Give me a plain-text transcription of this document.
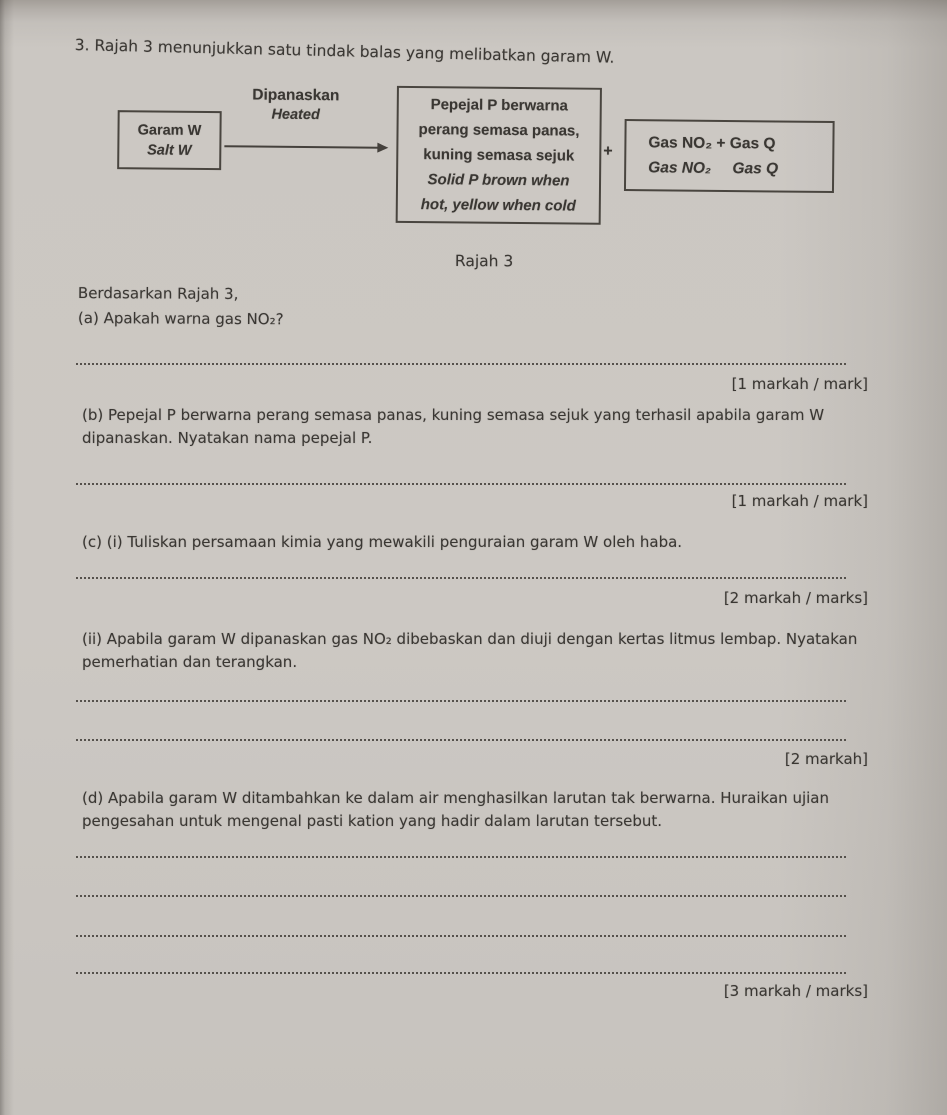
3. Rajah 3 menunjukkan satu tindak balas yang melibatkan garam W.
Garam W
Salt W
Dipanaskan
Heated
Pepejal P berwarna
perang semasa panas,
kuning semasa sejuk
Solid P brown when
hot, yellow when cold
+ Gas NO₂ + Gas Q
Gas NO₂     Gas Q
Rajah 3
Berdasarkan Rajah 3,
(a) Apakah warna gas NO₂?
[1 markah / mark]
(b) Pepejal P berwarna perang semasa panas, kuning semasa sejuk yang terhasil apabila garam W dipanaskan. Nyatakan nama pepejal P.
[1 markah / mark]
(c) (i) Tuliskan persamaan kimia yang mewakili penguraian garam W oleh haba.
[2 markah / marks]
(ii) Apabila garam W dipanaskan gas NO₂ dibebaskan dan diuji dengan kertas litmus lembap. Nyatakan pemerhatian dan terangkan.
[2 markah]
(d) Apabila garam W ditambahkan ke dalam air menghasilkan larutan tak berwarna. Huraikan ujian pengesahan untuk mengenal pasti kation yang hadir dalam larutan tersebut.
[3 markah / marks]
